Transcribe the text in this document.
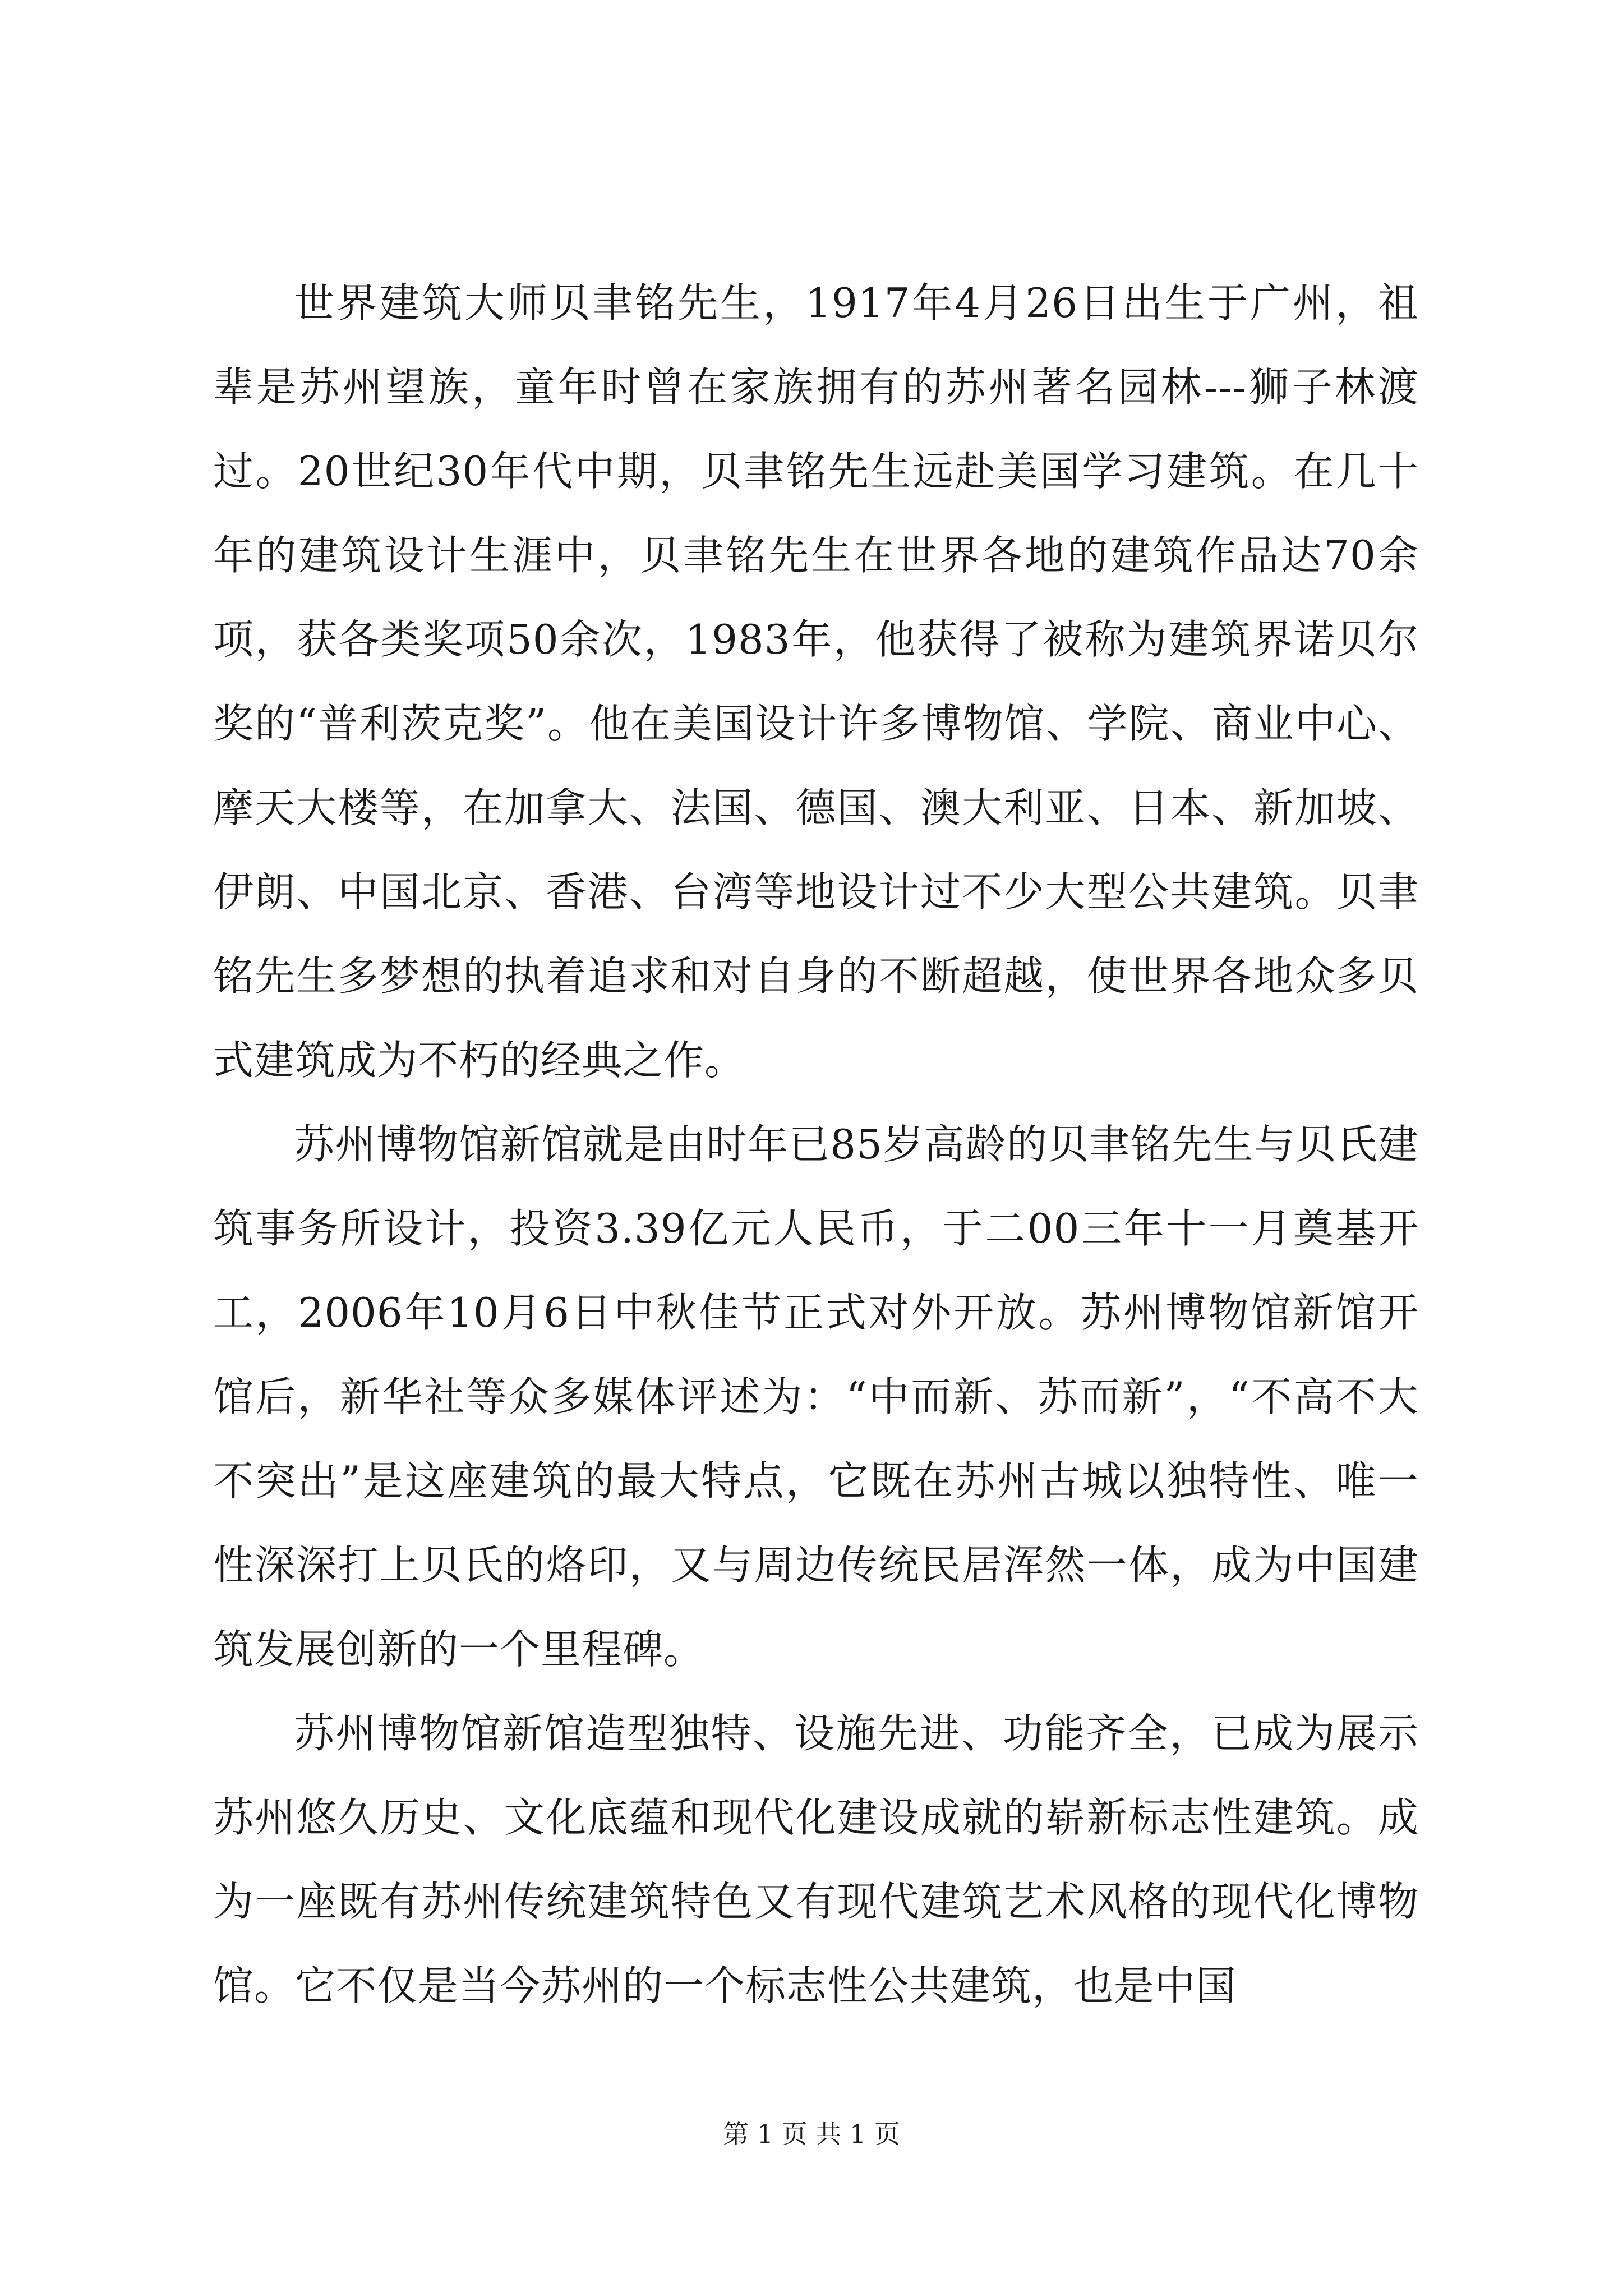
世界建筑大师贝聿铭先生，1917年4月26日出生于广州，祖辈是苏州望族，童年时曾在家族拥有的苏州著名园林---狮子林渡过。20世纪30年代中期，贝聿铭先生远赴美国学习建筑。在几十年的建筑设计生涯中，贝聿铭先生在世界各地的建筑作品达70余项，获各类奖项50余次，1983年，他获得了被称为建筑界诺贝尔奖的“普利茨克奖”。他在美国设计许多博物馆、学院、商业中心、摩天大楼等，在加拿大、法国、德国、澳大利亚、日本、新加坡、伊朗、中国北京、香港、台湾等地设计过不少大型公共建筑。贝聿铭先生多梦想的执着追求和对自身的不断超越，使世界各地众多贝式建筑成为不朽的经典之作。

苏州博物馆新馆就是由时年已85岁高龄的贝聿铭先生与贝氏建筑事务所设计，投资3.39亿元人民币，于二00三年十一月奠基开工，2006年10月6日中秋佳节正式对外开放。苏州博物馆新馆开馆后，新华社等众多媒体评述为：“中而新、苏而新”，“不高不大不突出”是这座建筑的最大特点，它既在苏州古城以独特性、唯一性深深打上贝氏的烙印，又与周边传统民居浑然一体，成为中国建筑发展创新的一个里程碑。

苏州博物馆新馆造型独特、设施先进、功能齐全，已成为展示苏州悠久历史、文化底蕴和现代化建设成就的崭新标志性建筑。成为一座既有苏州传统建筑特色又有现代建筑艺术风格的现代化博物馆。它不仅是当今苏州的一个标志性公共建筑，也是中国

第 1 页 共 1 页
